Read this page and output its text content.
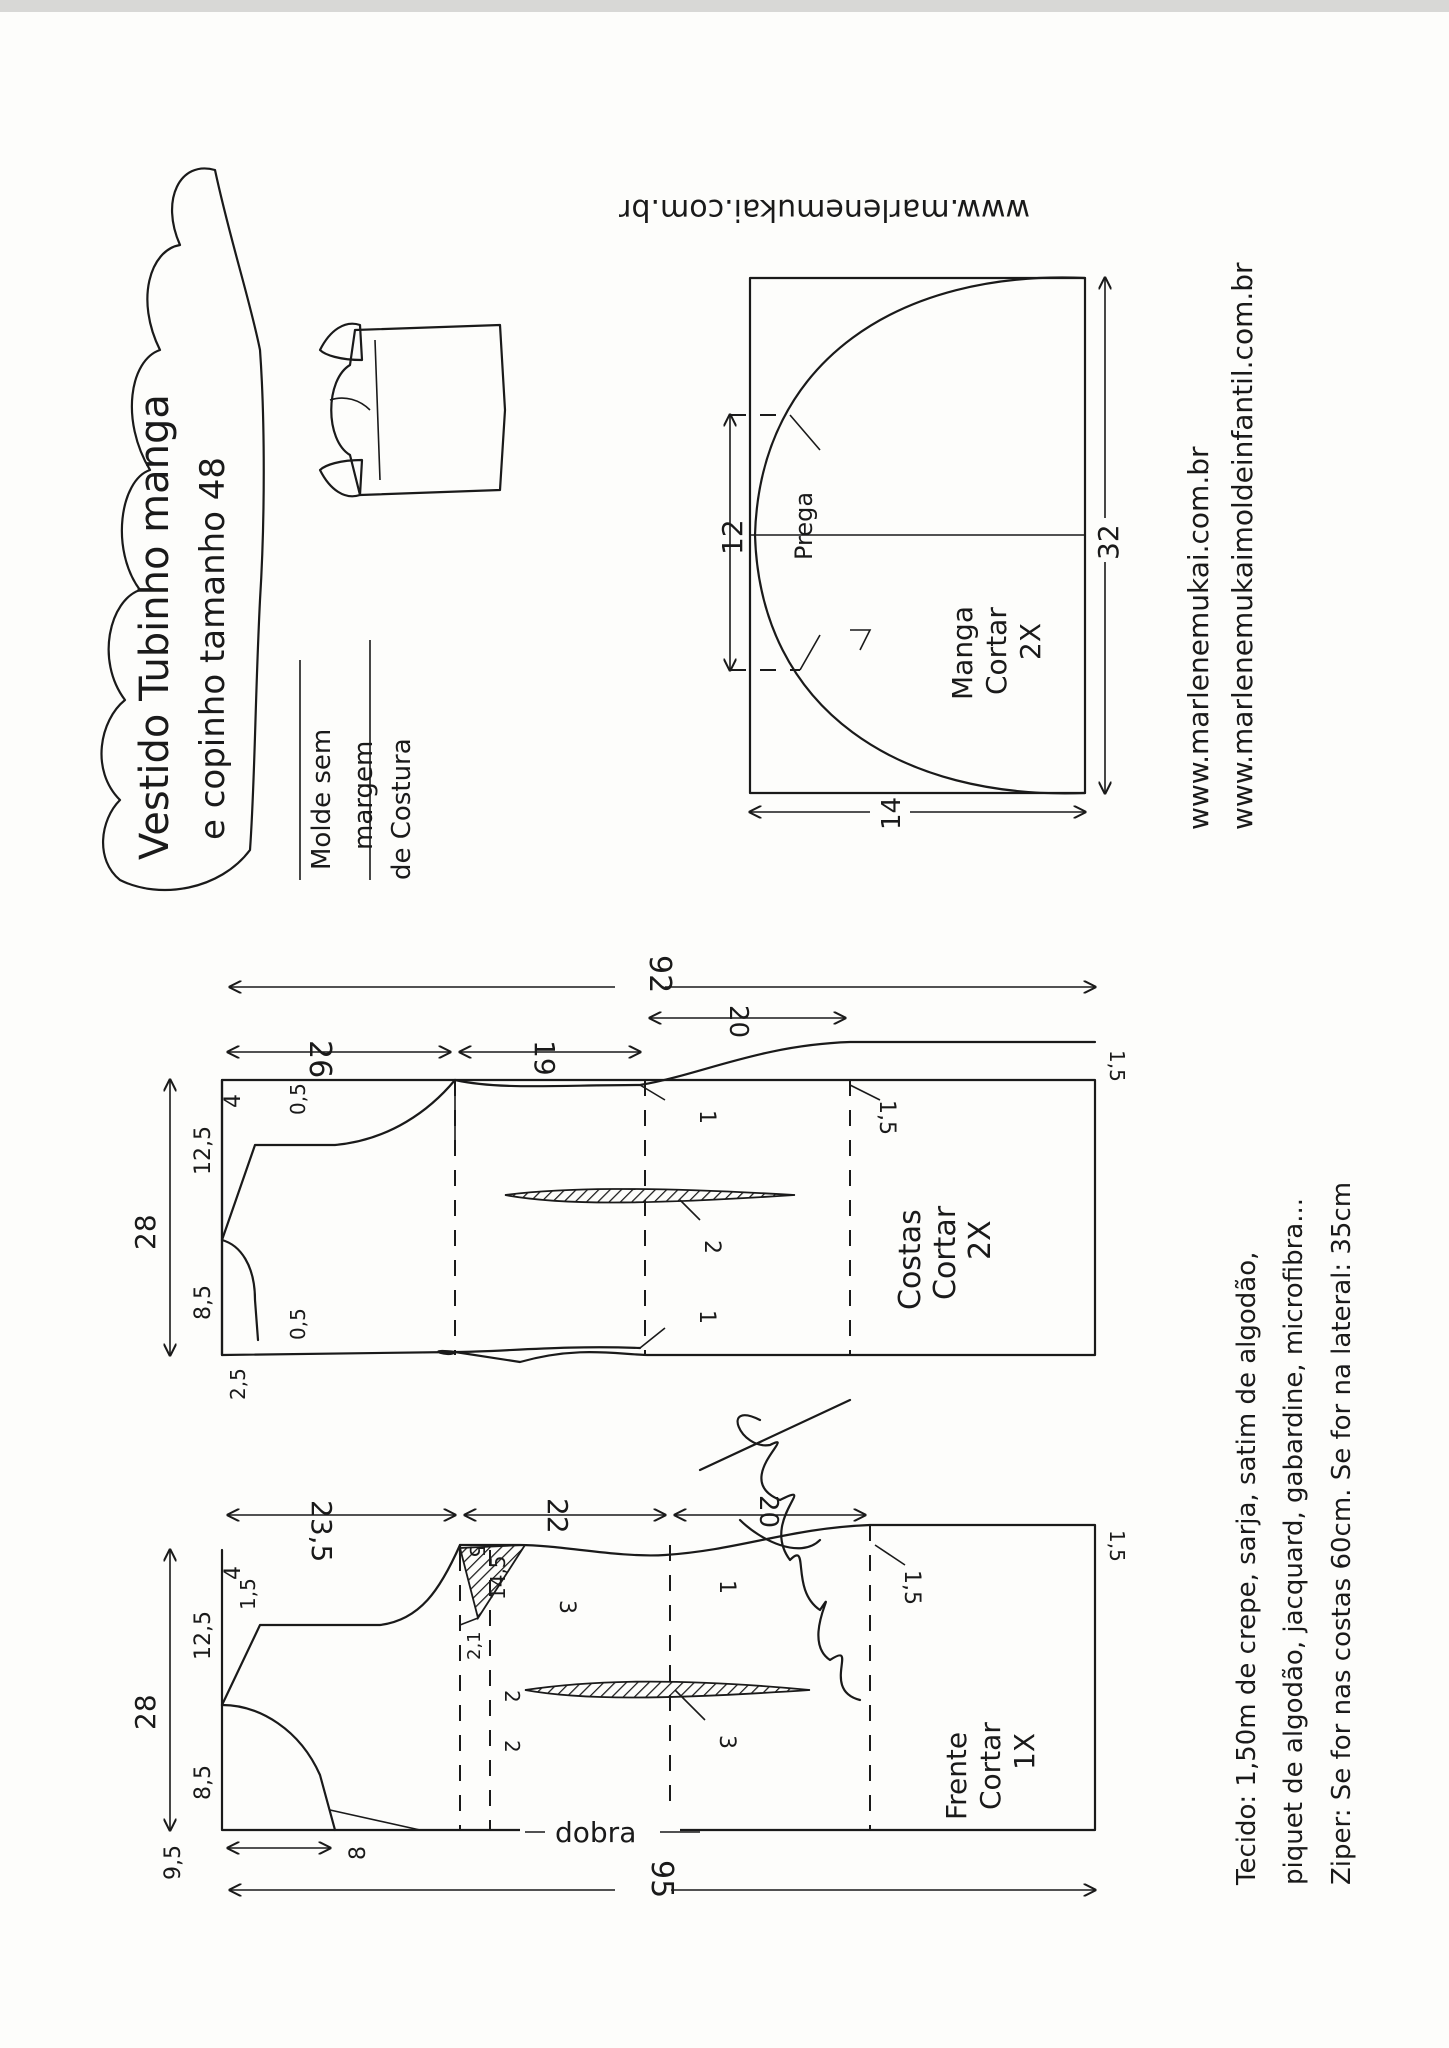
Vestido Tubinho manga e copinho tamanho 48	Molde sem margem de Costura
www.marlenemukai.com.br
Prega
Manga Cortar 2X
12	32
14	www.marlenemukai.com.br www.marlenemukaimoldeinfantil.com.br
92
Costas Cortar 2X
26	19
20
1,5
1,5
1
1
2
28
12,5
8,5
4 0,5
0,5
2,5
95
Frente Cortar 1X
dobra
23,5	22	20
1,5
1,5
1,5
5
14,5
3
1
3
2
2
2,1
28
12,5
8,5
4
9,5	8	Tecido: 1,50m de crepe, sarja, satim de algodão, piquet de algodão, jacquard, gabardine, microfibra... Ziper: Se for nas costas 60cm. Se for na lateral: 35cm
